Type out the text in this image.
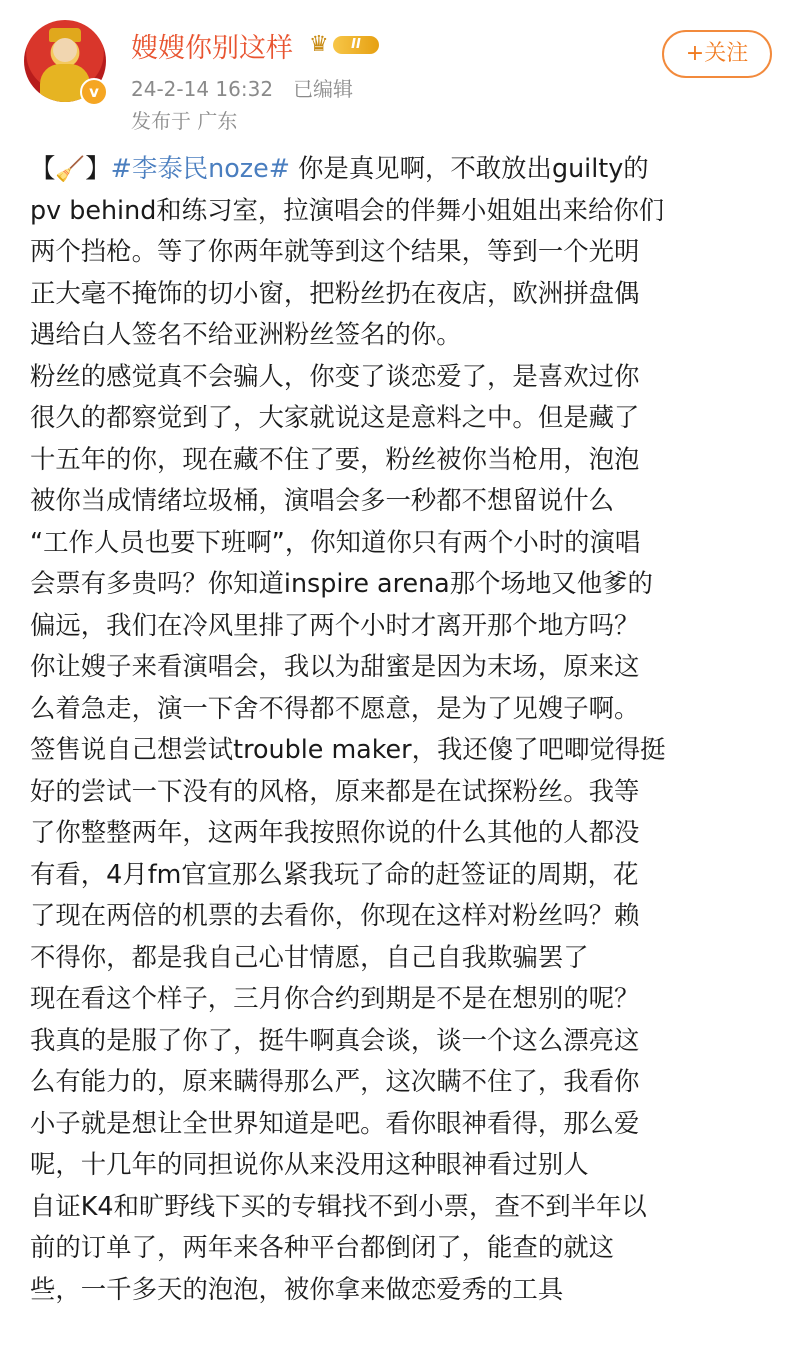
v
嫂嫂你别这样 ♛	II
24-2-14 16:32 已编辑
发布于 广东
+关注
【🧹】#李泰民noze# 你是真见啊，不敢放出guilty的
pv behind和练习室，拉演唱会的伴舞小姐姐出来给你们
两个挡枪。等了你两年就等到这个结果，等到一个光明
正大毫不掩饰的切小窗，把粉丝扔在夜店，欧洲拼盘偶
遇给白人签名不给亚洲粉丝签名的你。
粉丝的感觉真不会骗人，你变了谈恋爱了，是喜欢过你
很久的都察觉到了，大家就说这是意料之中。但是藏了
十五年的你，现在藏不住了要，粉丝被你当枪用，泡泡
被你当成情绪垃圾桶，演唱会多一秒都不想留说什么
“工作人员也要下班啊”，你知道你只有两个小时的演唱
会票有多贵吗？你知道inspire arena那个场地又他爹的
偏远，我们在冷风里排了两个小时才离开那个地方吗？
你让嫂子来看演唱会，我以为甜蜜是因为末场，原来这
么着急走，演一下舍不得都不愿意，是为了见嫂子啊。
签售说自己想尝试trouble maker，我还傻了吧唧觉得挺
好的尝试一下没有的风格，原来都是在试探粉丝。我等
了你整整两年，这两年我按照你说的什么其他的人都没
有看，4月fm官宣那么紧我玩了命的赶签证的周期，花
了现在两倍的机票的去看你，你现在这样对粉丝吗？赖
不得你，都是我自己心甘情愿，自己自我欺骗罢了
现在看这个样子，三月你合约到期是不是在想别的呢？
我真的是服了你了，挺牛啊真会谈，谈一个这么漂亮这
么有能力的，原来瞒得那么严，这次瞒不住了，我看你
小子就是想让全世界知道是吧。看你眼神看得，那么爱
呢，十几年的同担说你从来没用这种眼神看过别人
自证K4和旷野线下买的专辑找不到小票，查不到半年以
前的订单了，两年来各种平台都倒闭了，能查的就这
些，一千多天的泡泡，被你拿来做恋爱秀的工具
